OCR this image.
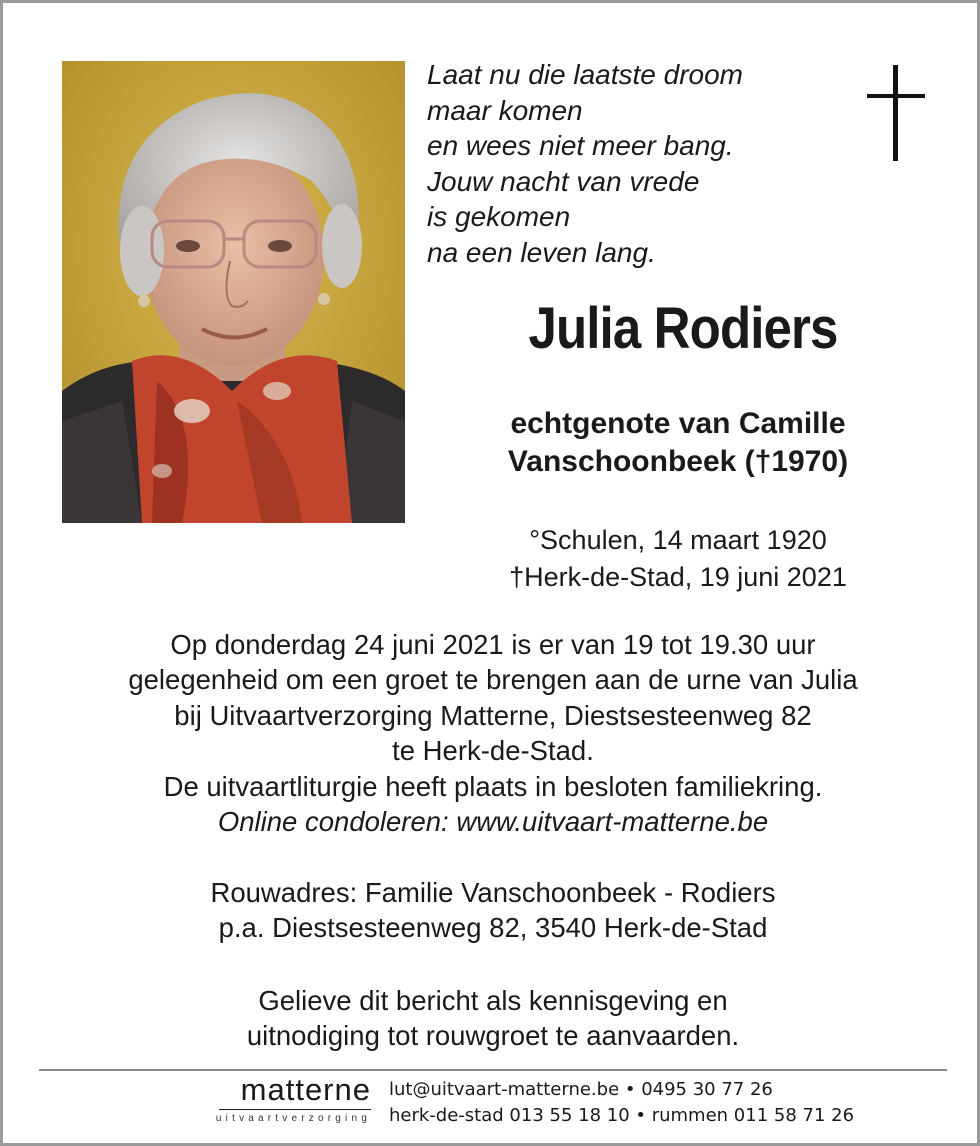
Laat nu die laatste droom
maar komen
en wees niet meer bang.
Jouw nacht van vrede
is gekomen
na een leven lang.
Julia Rodiers
echtgenote van Camille
Vanschoonbeek (†1970)
°Schulen, 14 maart 1920
†Herk-de-Stad, 19 juni 2021
Op donderdag 24 juni 2021 is er van 19 tot 19.30 uur
gelegenheid om een groet te brengen aan de urne van Julia
bij Uitvaartverzorging Matterne, Diestsesteenweg 82
te Herk-de-Stad.
De uitvaartliturgie heeft plaats in besloten familiekring.
Online condoleren: www.uitvaart-matterne.be
Rouwadres: Familie Vanschoonbeek - Rodiers
p.a. Diestsesteenweg 82, 3540 Herk-de-Stad
Gelieve dit bericht als kennisgeving en
uitnodiging tot rouwgroet te aanvaarden.
matterne
uitvaartverzorging
lut@uitvaart-matterne.be • 0495 30 77 26
herk-de-stad 013 55 18 10 • rummen 011 58 71 26
